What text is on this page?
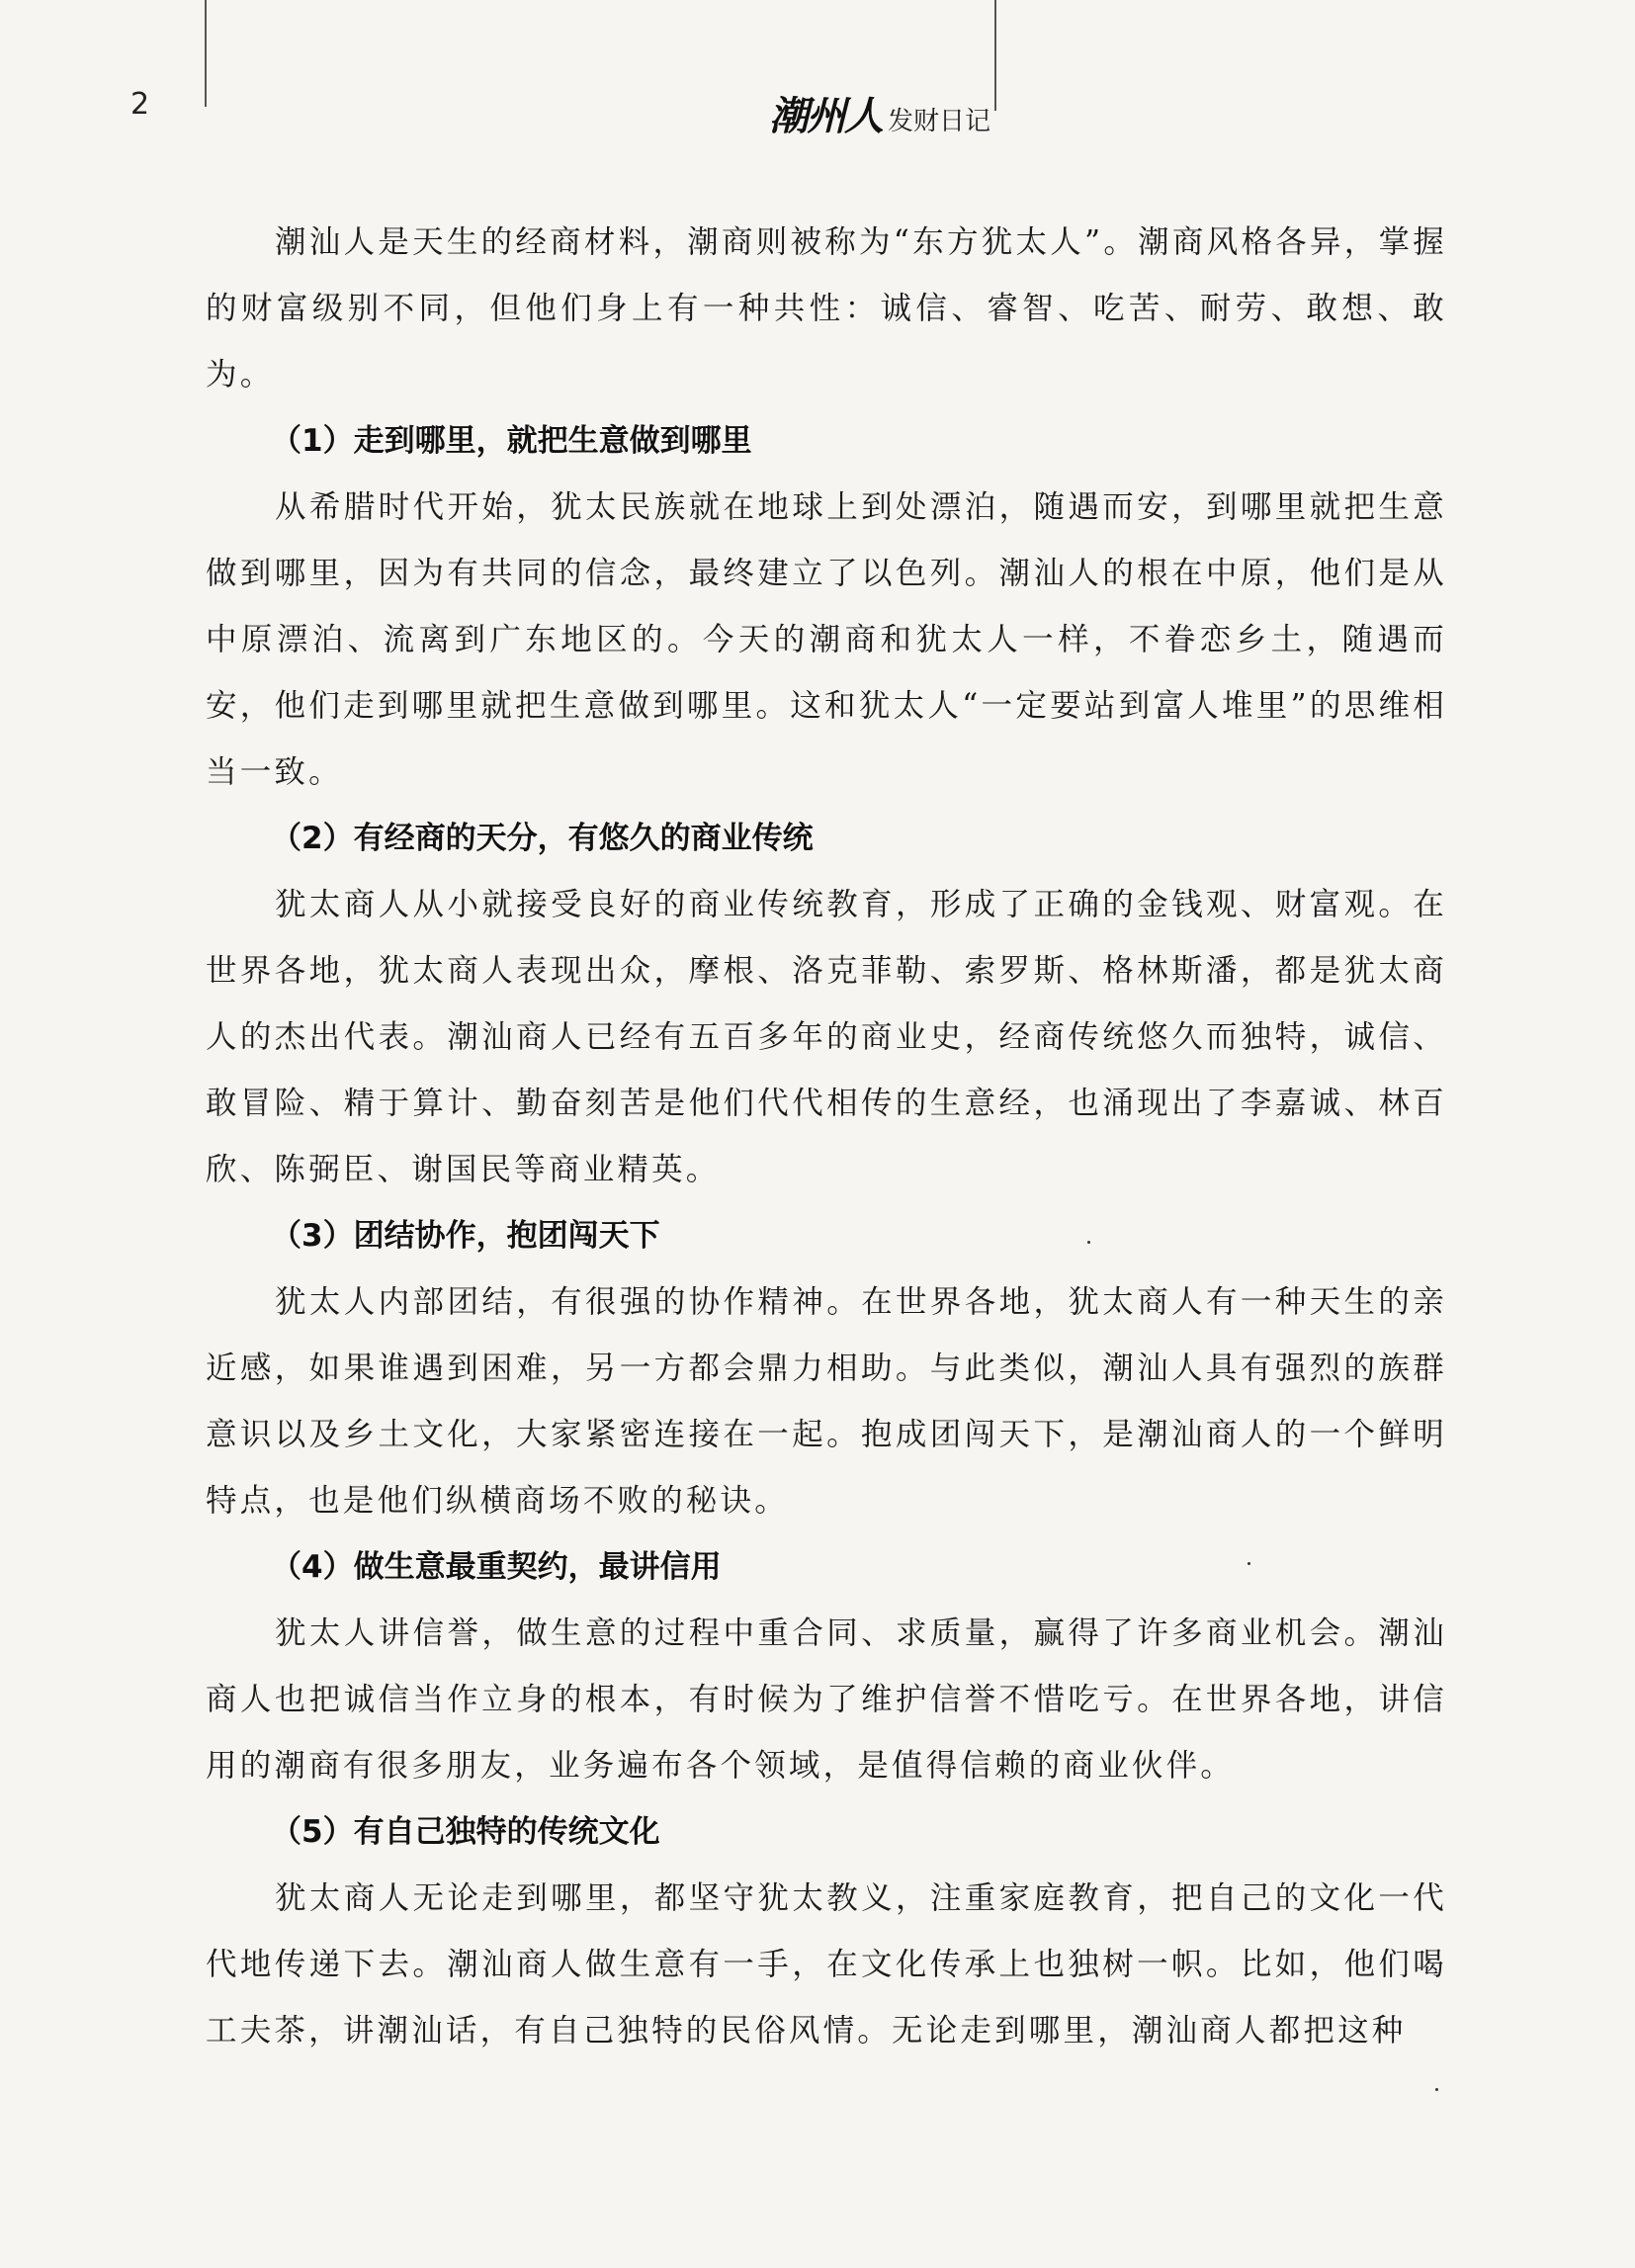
2	潮州人 发财日记

潮汕人是天生的经商材料，潮商则被称为“东方犹太人”。潮商风格各异，掌握的财富级别不同，但他们身上有一种共性：诚信、睿智、吃苦、耐劳、敢想、敢为。

（1）走到哪里，就把生意做到哪里

从希腊时代开始，犹太民族就在地球上到处漂泊，随遇而安，到哪里就把生意做到哪里，因为有共同的信念，最终建立了以色列。潮汕人的根在中原，他们是从中原漂泊、流离到广东地区的。今天的潮商和犹太人一样，不眷恋乡土，随遇而安，他们走到哪里就把生意做到哪里。这和犹太人“一定要站到富人堆里”的思维相当一致。

（2）有经商的天分，有悠久的商业传统

犹太商人从小就接受良好的商业传统教育，形成了正确的金钱观、财富观。在世界各地，犹太商人表现出众，摩根、洛克菲勒、索罗斯、格林斯潘，都是犹太商人的杰出代表。潮汕商人已经有五百多年的商业史，经商传统悠久而独特，诚信、敢冒险、精于算计、勤奋刻苦是他们代代相传的生意经，也涌现出了李嘉诚、林百欣、陈弼臣、谢国民等商业精英。

（3）团结协作，抱团闯天下

犹太人内部团结，有很强的协作精神。在世界各地，犹太商人有一种天生的亲近感，如果谁遇到困难，另一方都会鼎力相助。与此类似，潮汕人具有强烈的族群意识以及乡土文化，大家紧密连接在一起。抱成团闯天下，是潮汕商人的一个鲜明特点，也是他们纵横商场不败的秘诀。

（4）做生意最重契约，最讲信用

犹太人讲信誉，做生意的过程中重合同、求质量，赢得了许多商业机会。潮汕商人也把诚信当作立身的根本，有时候为了维护信誉不惜吃亏。在世界各地，讲信用的潮商有很多朋友，业务遍布各个领域，是值得信赖的商业伙伴。

（5）有自己独特的传统文化

犹太商人无论走到哪里，都坚守犹太教义，注重家庭教育，把自己的文化一代代地传递下去。潮汕商人做生意有一手，在文化传承上也独树一帜。比如，他们喝工夫茶，讲潮汕话，有自己独特的民俗风情。无论走到哪里，潮汕商人都把这种
